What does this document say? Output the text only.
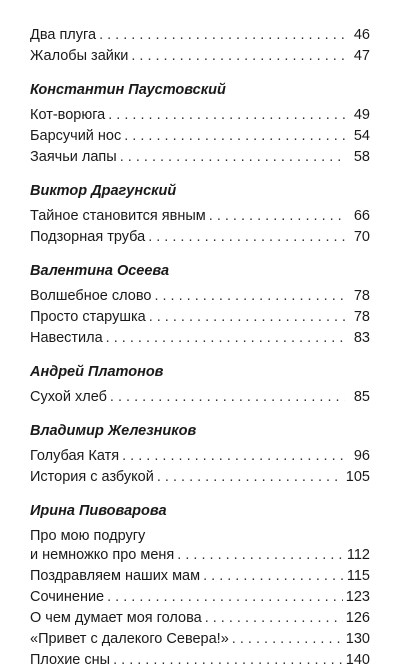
Два плуга . . .	46
Жалобы зайки . . .	47
Константин Паустовский
Кот-ворюга . . .	49
Барсучий нос . . .	54
Заячьи лапы . . .	58
Виктор Драгунский
Тайное становится явным . . .	66
Подзорная труба . . .	70
Валентина Осеева
Волшебное слово . . .	78
Просто старушка . . .	78
Навестила . . .	83
Андрей Платонов
Сухой хлеб . . .	85
Владимир Железников
Голубая Катя . . .	96
История с азбукой . . .	105
Ирина Пивоварова
Про мою подругу
и немножко про меня . . .	112
Поздравляем наших мам . . .	115
Сочинение . . .	123
О чем думает моя голова . . .	126
«Привет с далекого Севера!» . . .	130
Плохие сны . . .	140
